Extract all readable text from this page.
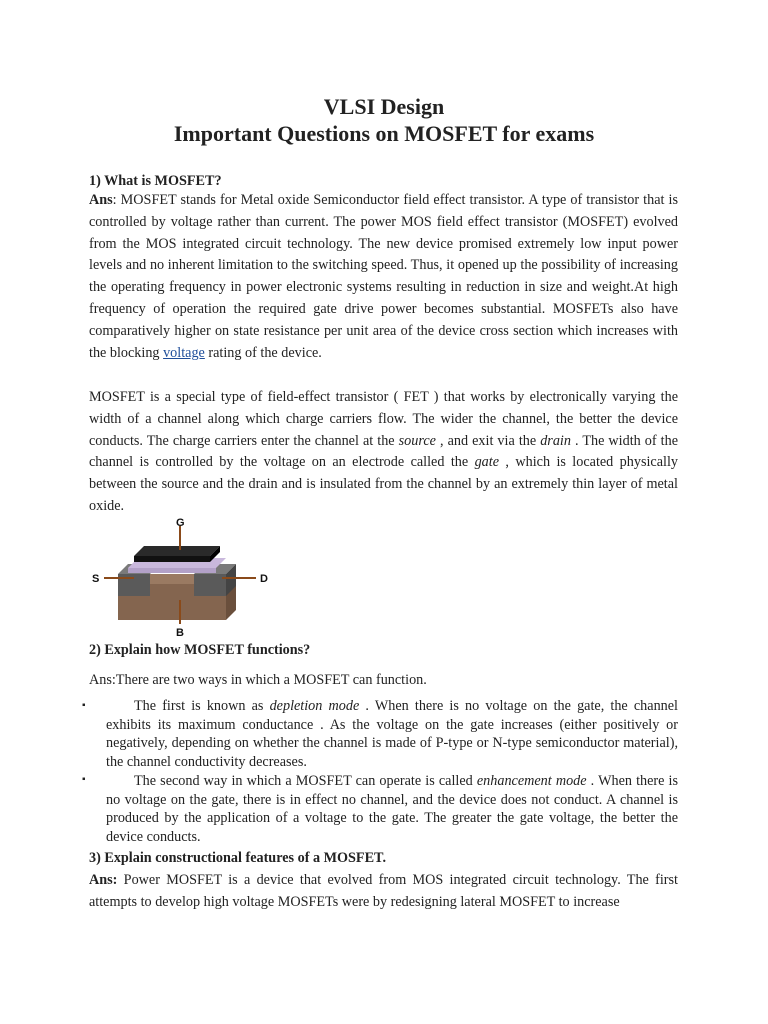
VLSI Design
Important Questions on MOSFET for exams
1) What is MOSFET?

Ans: MOSFET stands for Metal oxide Semiconductor field effect transistor. A type of transistor that is controlled by voltage rather than current. The power MOS field effect transistor (MOSFET) evolved from the MOS integrated circuit technology. The new device promised extremely low input power levels and no inherent limitation to the switching speed. Thus, it opened up the possibility of increasing the operating frequency in power electronic systems resulting in reduction in size and weight.At high frequency of operation the required gate drive power becomes substantial. MOSFETs also have comparatively higher on state resistance per unit area of the device cross section which increases with the blocking voltage rating of the device.

MOSFET is a special type of field-effect transistor ( FET ) that works by electronically varying the width of a channel along which charge carriers flow. The wider the channel, the better the device conducts. The charge carriers enter the channel at the source , and exit via the drain . The width of the channel is controlled by the voltage on an electrode called the gate , which is located physically between the source and the drain and is insulated from the channel by an extremely thin layer of metal oxide.

G
S	D
B
2) Explain how MOSFET functions?
Ans:There are two ways in which a MOSFET can function.
▪	The first is known as depletion mode . When there is no voltage on the gate, the channel exhibits its maximum conductance . As the voltage on the gate increases (either positively or negatively, depending on whether the channel is made of P-type or N-type semiconductor material), the channel conductivity decreases.

▪	The second way in which a MOSFET can operate is called enhancement mode . When there is no voltage on the gate, there is in effect no channel, and the device does not conduct. A channel is produced by the application of a voltage to the gate. The greater the gate voltage, the better the device conducts.

3) Explain constructional features of a MOSFET.

Ans: Power MOSFET is a device that evolved from MOS integrated circuit technology. The first attempts to develop high voltage MOSFETs were by redesigning lateral MOSFET to increase
